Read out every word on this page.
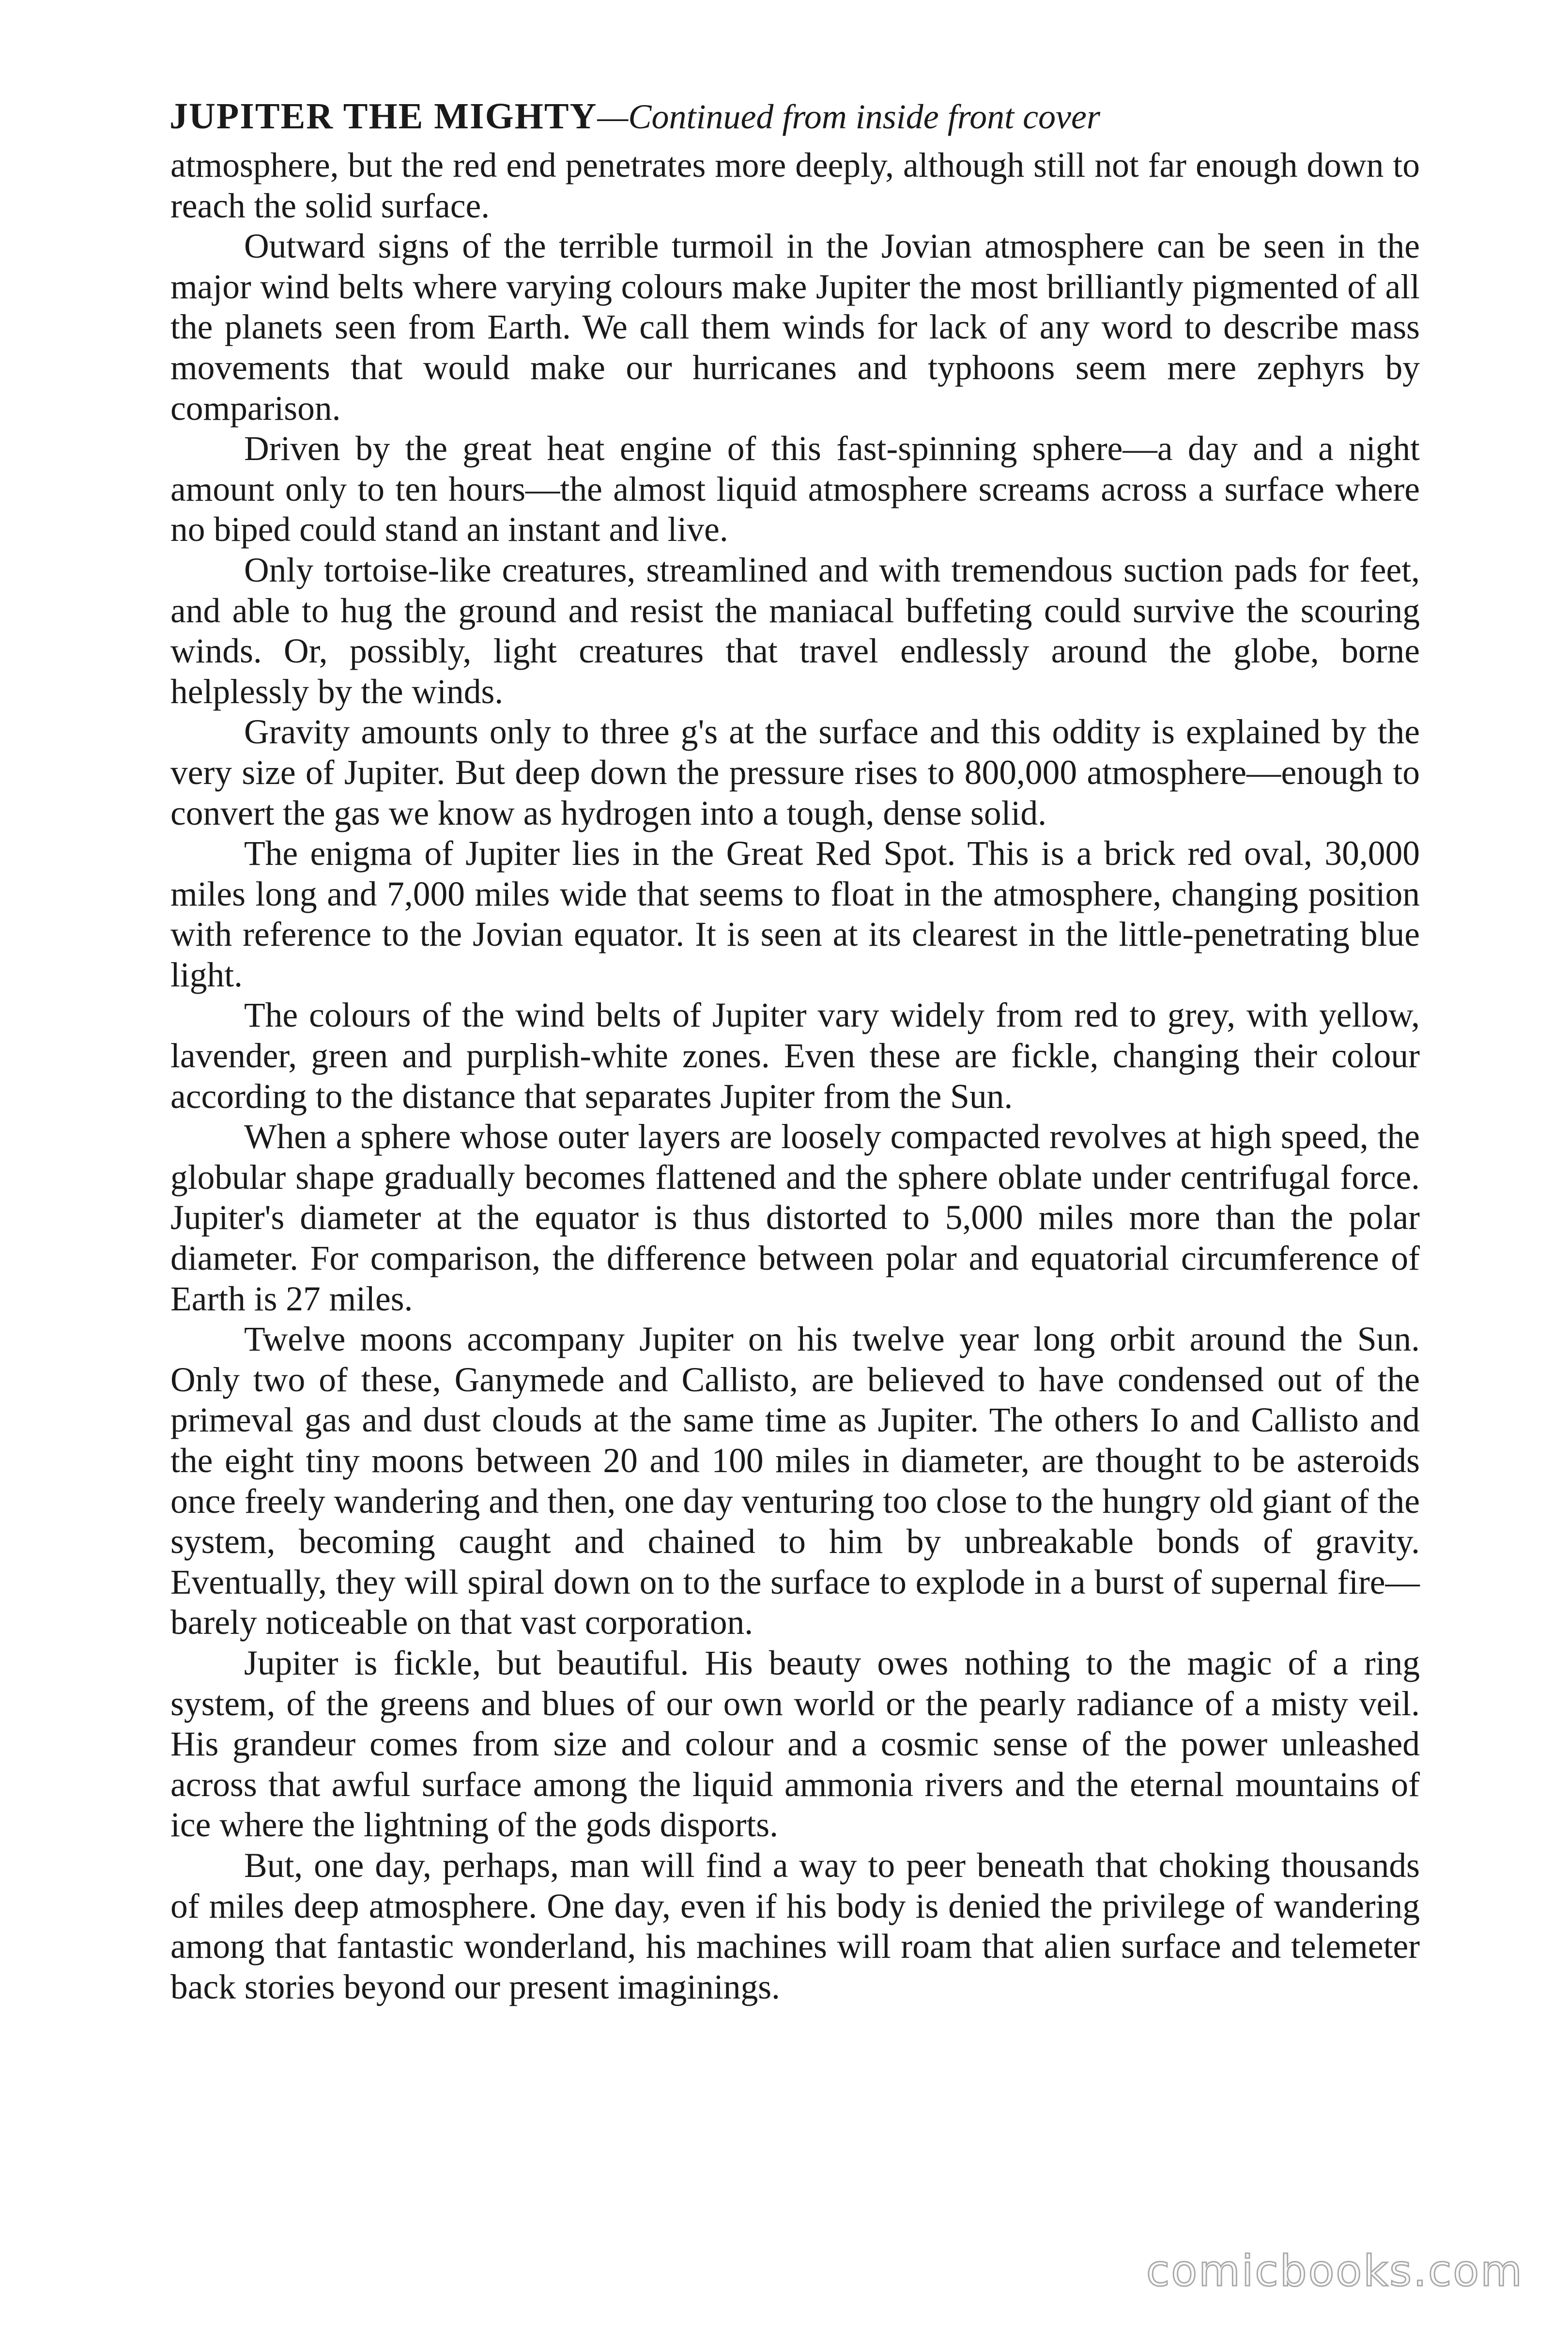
JUPITER THE MIGHTY—Continued from inside front cover

atmosphere, but the red end penetrates more deeply, although still not far enough down to reach the solid surface.

Outward signs of the terrible turmoil in the Jovian atmosphere can be seen in the major wind belts where varying colours make Jupiter the most brilliantly pigmented of all the planets seen from Earth. We call them winds for lack of any word to describe mass movements that would make our hurricanes and typhoons seem mere zephyrs by comparison.

Driven by the great heat engine of this fast-spinning sphere—a day and a night amount only to ten hours—the almost liquid atmosphere screams across a surface where no biped could stand an instant and live.

Only tortoise-like creatures, streamlined and with tremendous suction pads for feet, and able to hug the ground and resist the maniacal buffeting could survive the scouring winds. Or, possibly, light creatures that travel endlessly around the globe, borne helplessly by the winds.

Gravity amounts only to three g's at the surface and this oddity is explained by the very size of Jupiter. But deep down the pressure rises to 800,000 atmosphere—enough to convert the gas we know as hydrogen into a tough, dense solid.

The enigma of Jupiter lies in the Great Red Spot. This is a brick red oval, 30,000 miles long and 7,000 miles wide that seems to float in the atmosphere, changing position with reference to the Jovian equator. It is seen at its clearest in the little-penetrating blue light.

The colours of the wind belts of Jupiter vary widely from red to grey, with yellow, lavender, green and purplish-white zones. Even these are fickle, changing their colour according to the distance that separates Jupiter from the Sun.

When a sphere whose outer layers are loosely compacted revolves at high speed, the globular shape gradually becomes flattened and the sphere oblate under centrifugal force. Jupiter's diameter at the equator is thus distorted to 5,000 miles more than the polar diameter. For comparison, the difference between polar and equatorial circumference of Earth is 27 miles.

Twelve moons accompany Jupiter on his twelve year long orbit around the Sun. Only two of these, Ganymede and Callisto, are believed to have condensed out of the primeval gas and dust clouds at the same time as Jupiter. The others Io and Callisto and the eight tiny moons between 20 and 100 miles in diameter, are thought to be asteroids once freely wandering and then, one day venturing too close to the hungry old giant of the system, becoming caught and chained to him by unbreakable bonds of gravity. Eventually, they will spiral down on to the surface to explode in a burst of supernal fire—barely noticeable on that vast corporation.

Jupiter is fickle, but beautiful. His beauty owes nothing to the magic of a ring system, of the greens and blues of our own world or the pearly radiance of a misty veil. His grandeur comes from size and colour and a cosmic sense of the power unleashed across that awful surface among the liquid ammonia rivers and the eternal mountains of ice where the lightning of the gods disports.

But, one day, perhaps, man will find a way to peer beneath that choking thousands of miles deep atmosphere. One day, even if his body is denied the privilege of wandering among that fantastic wonderland, his machines will roam that alien surface and telemeter back stories beyond our present imaginings.

comicbooks.com
